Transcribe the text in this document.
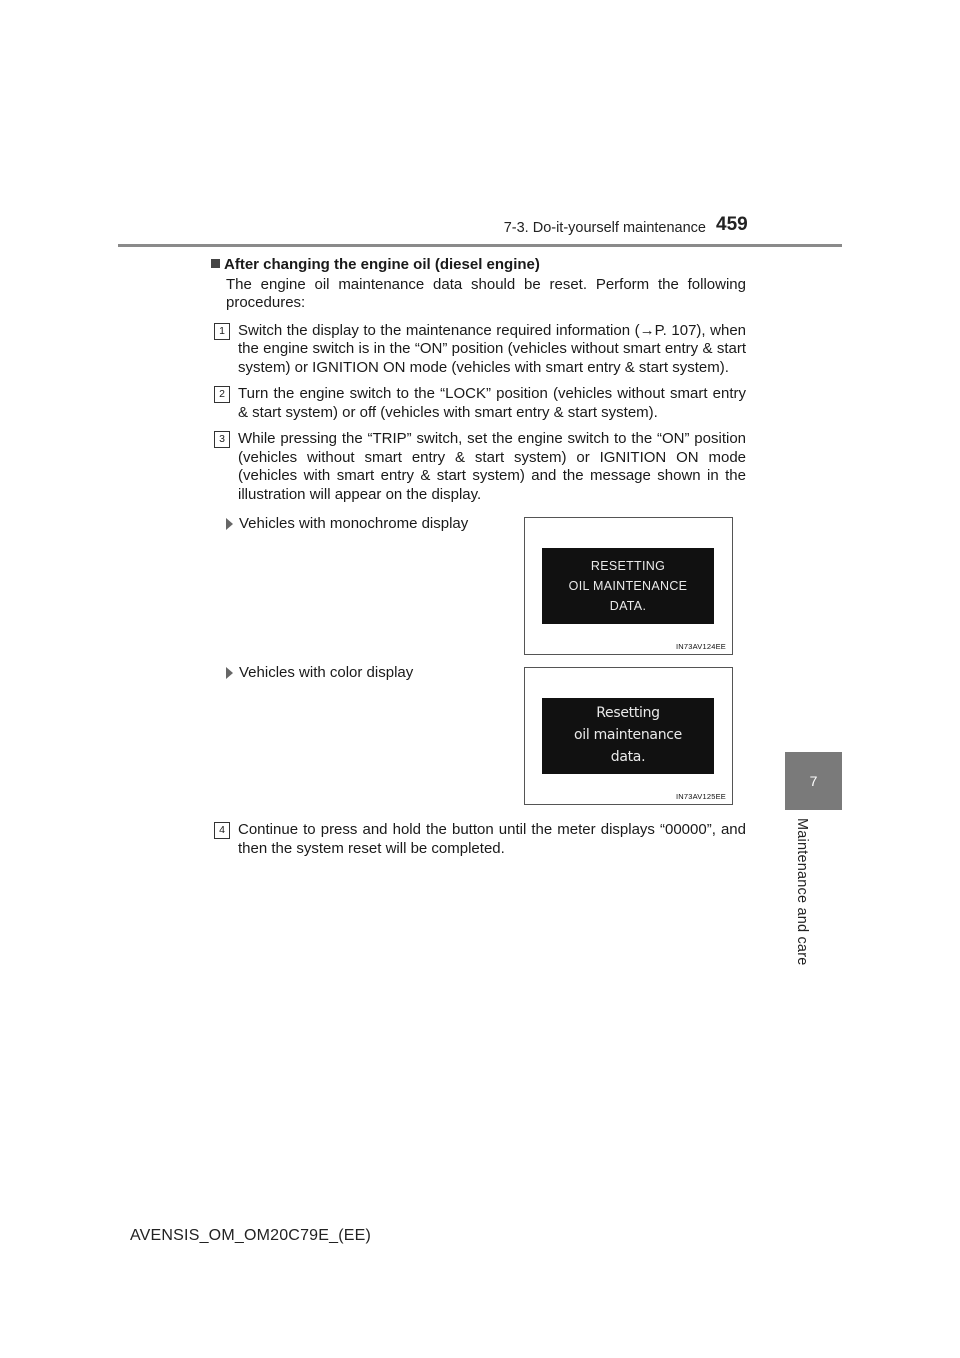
7-3. Do-it-yourself maintenance 459
7
Maintenance and care
After changing the engine oil (diesel engine)

The engine oil maintenance data should be reset. Perform the following procedures:

1 Switch the display to the maintenance required information (→P. 107), when the engine switch is in the “ON” position (vehicles without smart entry & start system) or IGNITION ON mode (vehicles with smart entry & start system).
2 Turn the engine switch to the “LOCK” position (vehicles without smart entry & start system) or off (vehicles with smart entry & start system).
3 While pressing the “TRIP” switch, set the engine switch to the “ON” position (vehicles without smart entry & start system) or IGNITION ON mode (vehicles with smart entry & start system) and the message shown in the illustration will appear on the display.
Vehicles with monochrome display
RESETTING
OIL MAINTENANCE
DATA.
IN73AV124EE
Vehicles with color display
Resetting
oil maintenance
data.
IN73AV125EE
4 Continue to press and hold the button until the meter displays “00000”, and then the system reset will be completed.
AVENSIS_OM_OM20C79E_(EE)
